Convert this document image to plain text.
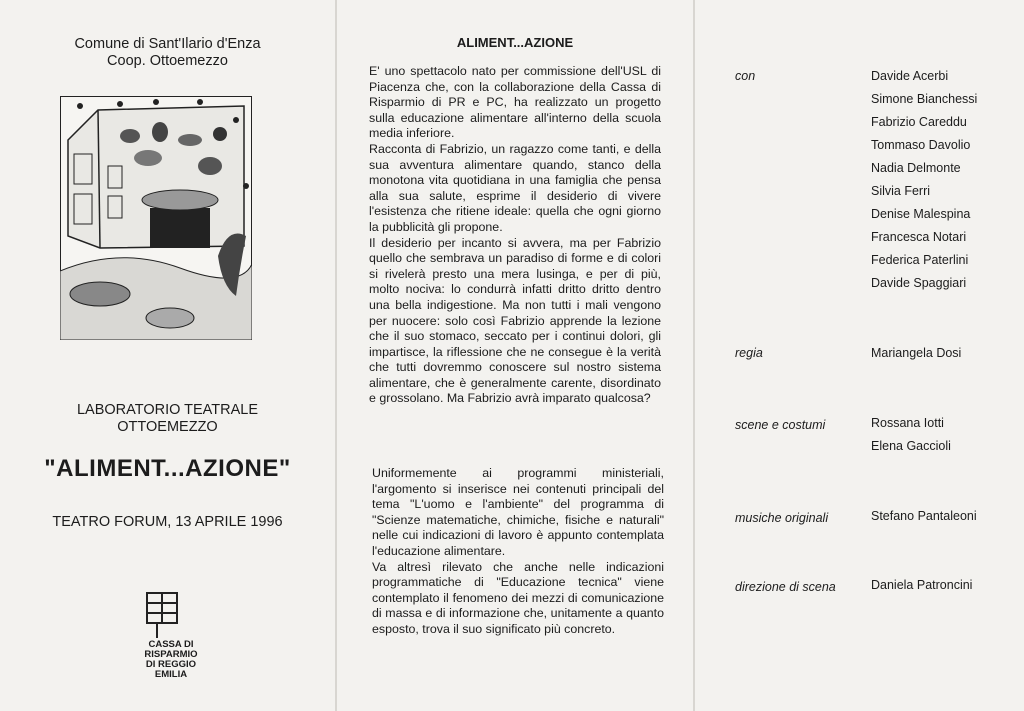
Comune di Sant'Ilario d'Enza
Coop. Ottoemezzo
LABORATORIO TEATRALE
OTTOEMEZZO
"ALIMENT...AZIONE"
TEATRO FORUM, 13 APRILE 1996
CASSA DI
RISPARMIO
DI REGGIO
EMILIA
ALIMENT...AZIONE

E' uno spettacolo nato per commissione dell'USL di Piacenza che, con la collaborazione della Cassa di Risparmio di PR e PC, ha realizzato un progetto sulla educazione alimentare all'interno della scuola media inferiore.

Racconta di Fabrizio, un ragazzo come tanti, e della sua avventura alimentare quando, stanco della monotona vita quotidiana in una famiglia che pensa alla sua salute, esprime il desiderio di vivere l'esistenza che ritiene ideale: quella che ogni giorno la pubblicità gli propone.

Il desiderio per incanto si avvera, ma per Fabrizio quello che sembrava un paradiso di forme e di colori si rivelerà presto una mera lusinga, e per di più, molto nociva: lo condurrà infatti dritto dritto dentro una bella indigestione. Ma non tutti i mali vengono per nuocere: solo così Fabrizio apprende la lezione che il suo stomaco, seccato per i continui dolori, gli impartisce, la riflessione che ne consegue è la verità che tutti dovremmo conoscere sul nostro sistema alimentare, che è generalmente carente, disordinato e grossolano. Ma Fabrizio avrà imparato qualcosa?

Uniformemente ai programmi ministeriali, l'argomento si inserisce nei contenuti principali del tema "L'uomo e l'ambiente" del programma di "Scienze matematiche, chimiche, fisiche e naturali" nelle cui indicazioni di lavoro è appunto contemplata l'educazione alimentare.

Va altresì rilevato che anche nelle indicazioni programmatiche di "Educazione tecnica" viene contemplato il fenomeno dei mezzi di comunicazione di massa e di informazione che, unitamente a quanto esposto, trova il suo significato più concreto.

con	Davide Acerbi
Simone Bianchessi
Fabrizio Careddu
Tommaso Davolio
Nadia Delmonte
Silvia Ferri
Denise Malespina
Francesca Notari
Federica Paterlini
Davide Spaggiari
regia	Mariangela Dosi
scene e costumi	Rossana Iotti
Elena Gaccioli
musiche originali	Stefano Pantaleoni
direzione di scena	Daniela Patroncini
